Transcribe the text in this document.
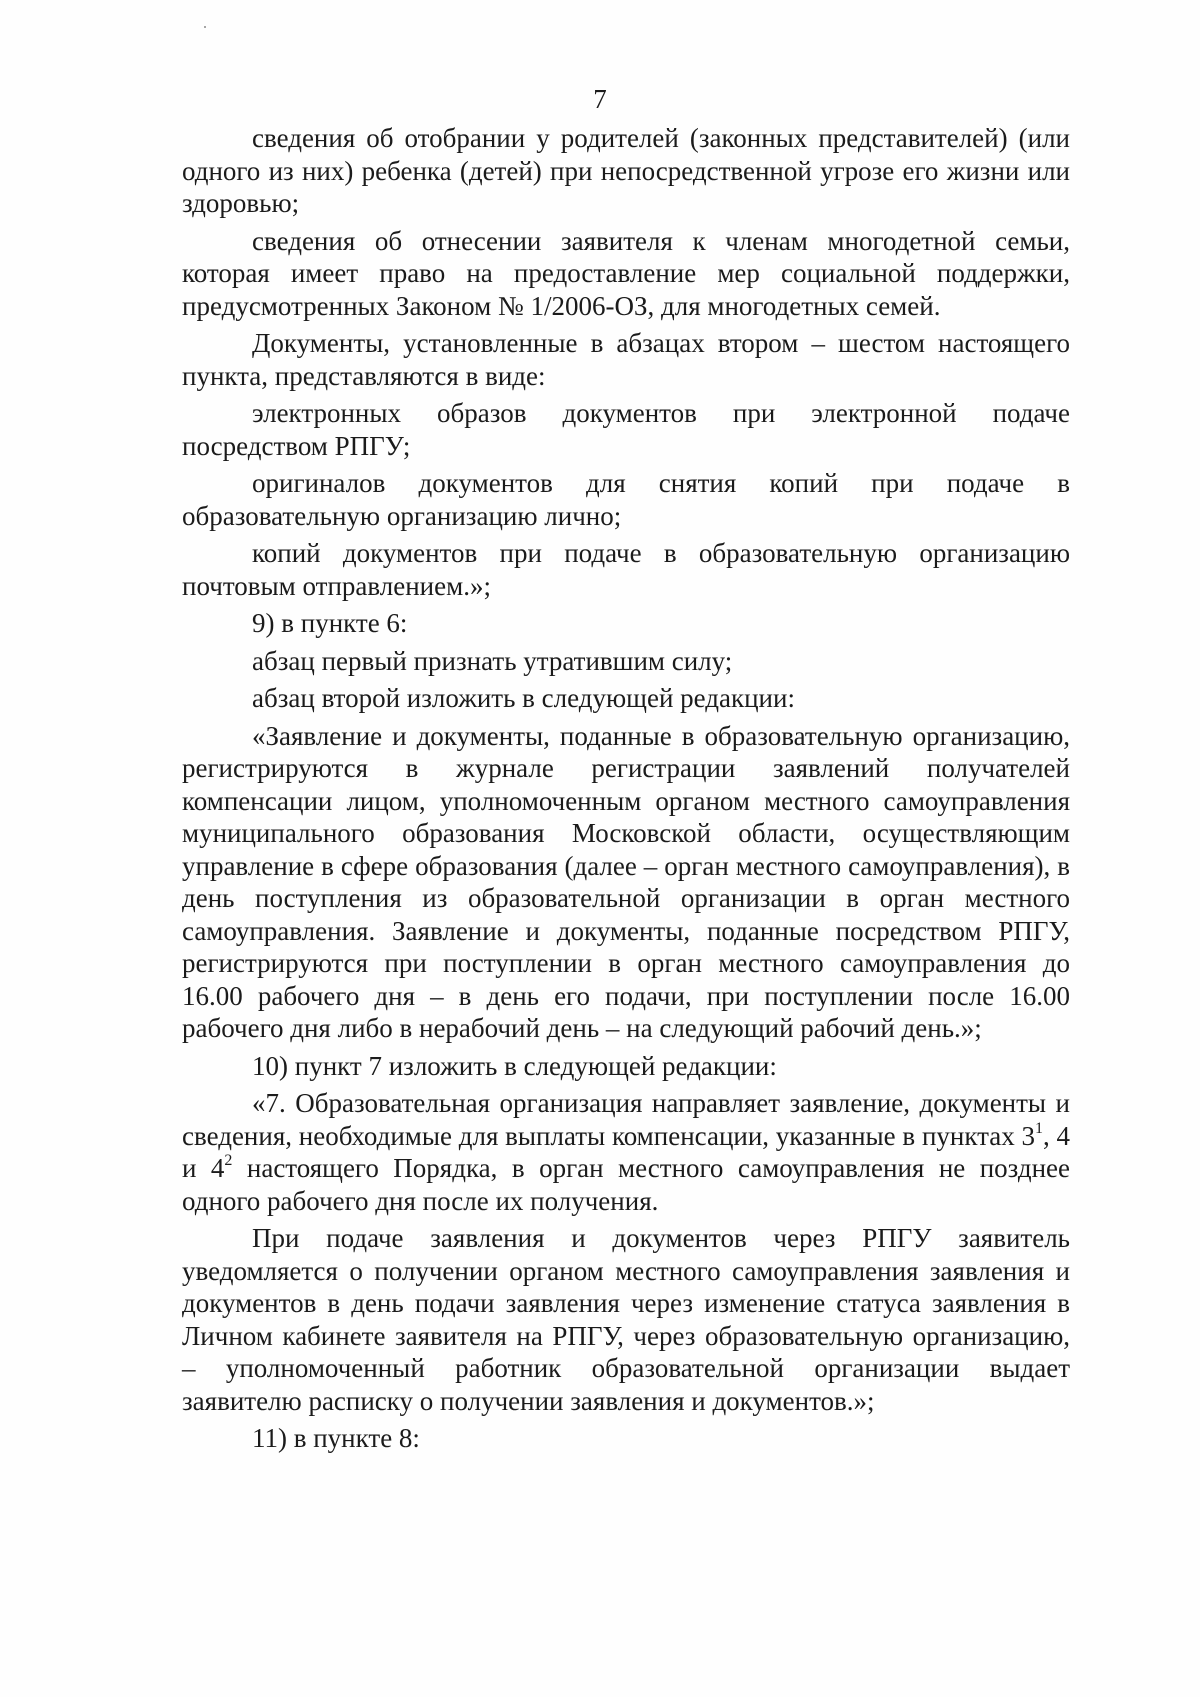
7

сведения об отобрании у родителей (законных представителей) (или одного из них) ребенка (детей) при непосредственной угрозе его жизни или здоровью;

сведения об отнесении заявителя к членам многодетной семьи, которая имеет право на предоставление мер социальной поддержки, предусмотренных Законом № 1/2006-ОЗ, для многодетных семей.

Документы, установленные в абзацах втором – шестом настоящего пункта, представляются в виде:

электронных образов документов при электронной подаче посредством РПГУ;

оригиналов документов для снятия копий при подаче в образовательную организацию лично;

копий документов при подаче в образовательную организацию почтовым отправлением.»;

9) в пункте 6:

абзац первый признать утратившим силу;

абзац второй изложить в следующей редакции:

«Заявление и документы, поданные в образовательную организацию, регистрируются в журнале регистрации заявлений получателей компенсации лицом, уполномоченным органом местного самоуправления муниципального образования Московской области, осуществляющим управление в сфере образования (далее – орган местного самоуправления), в день поступления из образовательной организации в орган местного самоуправления. Заявление и документы, поданные посредством РПГУ, регистрируются при поступлении в орган местного самоуправления до 16.00 рабочего дня – в день его подачи, при поступлении после 16.00 рабочего дня либо в нерабочий день – на следующий рабочий день.»;

10) пункт 7 изложить в следующей редакции:

«7. Образовательная организация направляет заявление, документы и сведения, необходимые для выплаты компенсации, указанные в пунктах $3^1$, 4 и $4^2$ настоящего Порядка, в орган местного самоуправления не позднее одного рабочего дня после их получения.

При подаче заявления и документов через РПГУ заявитель уведомляется о получении органом местного самоуправления заявления и документов в день подачи заявления через изменение статуса заявления в Личном кабинете заявителя на РПГУ, через образовательную организацию, – уполномоченный работник образовательной организации выдает заявителю расписку о получении заявления и документов.»;

11) в пункте 8:
